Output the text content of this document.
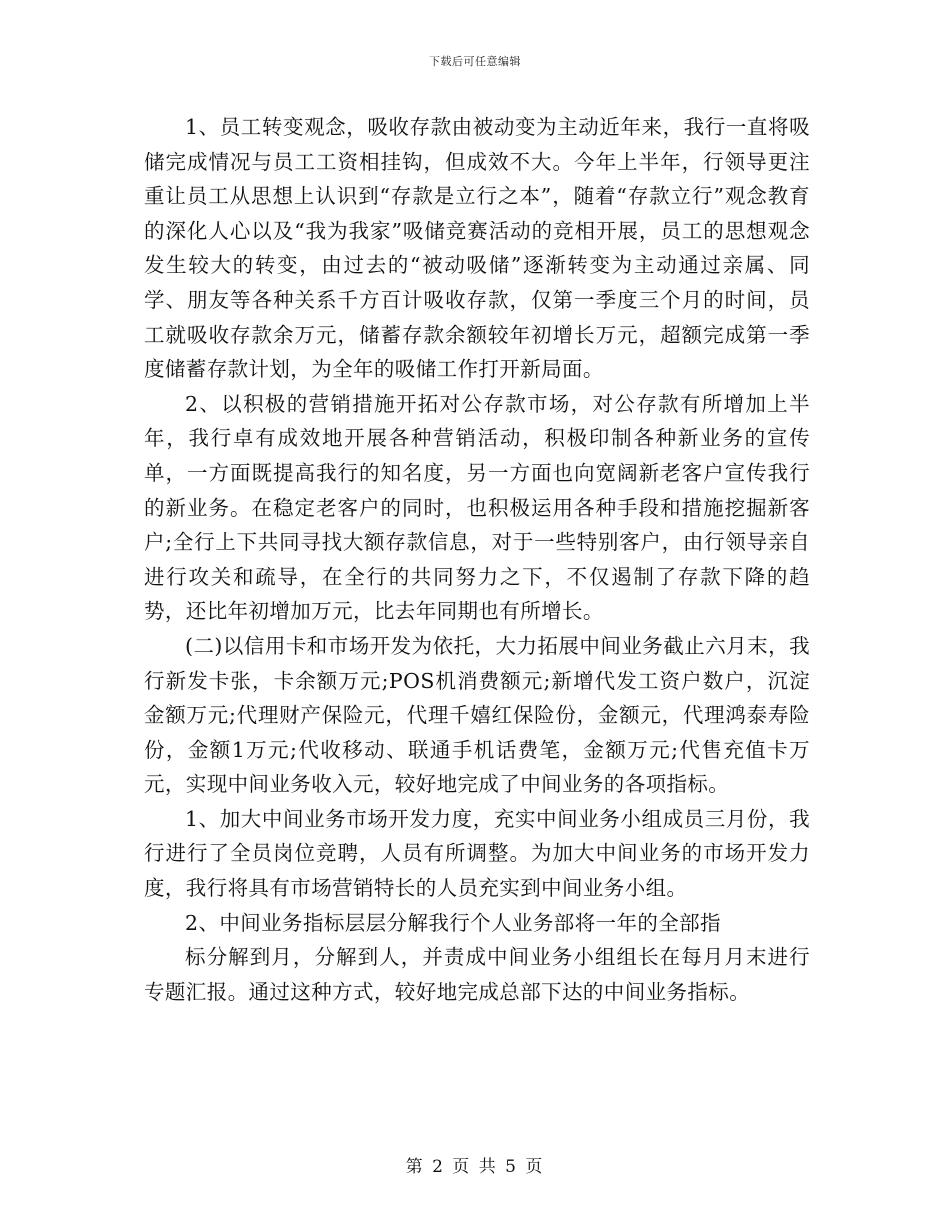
下载后可任意编辑

1、员工转变观念，吸收存款由被动变为主动近年来，我行一直将吸储完成情况与员工工资相挂钩，但成效不大。今年上半年，行领导更注重让员工从思想上认识到“存款是立行之本”，随着“存款立行”观念教育的深化人心以及“我为我家”吸储竞赛活动的竞相开展，员工的思想观念发生较大的转变，由过去的“被动吸储”逐渐转变为主动通过亲属、同学、朋友等各种关系千方百计吸收存款，仅第一季度三个月的时间，员工就吸收存款余万元，储蓄存款余额较年初增长万元，超额完成第一季度储蓄存款计划，为全年的吸储工作打开新局面。

2、以积极的营销措施开拓对公存款市场，对公存款有所增加上半年，我行卓有成效地开展各种营销活动，积极印制各种新业务的宣传单，一方面既提高我行的知名度，另一方面也向宽阔新老客户宣传我行的新业务。在稳定老客户的同时，也积极运用各种手段和措施挖掘新客户;全行上下共同寻找大额存款信息，对于一些特别客户，由行领导亲自进行攻关和疏导，在全行的共同努力之下，不仅遏制了存款下降的趋势，还比年初增加万元，比去年同期也有所增长。

(二)以信用卡和市场开发为依托，大力拓展中间业务截止六月末，我行新发卡张，卡余额万元;POS机消费额元;新增代发工资户数户，沉淀金额万元;代理财产保险元，代理千嬉红保险份，金额元，代理鸿泰寿险份，金额1万元;代收移动、联通手机话费笔，金额万元;代售充值卡万元，实现中间业务收入元，较好地完成了中间业务的各项指标。

1、加大中间业务市场开发力度，充实中间业务小组成员三月份，我行进行了全员岗位竞聘，人员有所调整。为加大中间业务的市场开发力度，我行将具有市场营销特长的人员充实到中间业务小组。

2、中间业务指标层层分解我行个人业务部将一年的全部指

标分解到月，分解到人，并责成中间业务小组组长在每月月末进行专题汇报。通过这种方式，较好地完成总部下达的中间业务指标。

第 2 页 共 5 页
